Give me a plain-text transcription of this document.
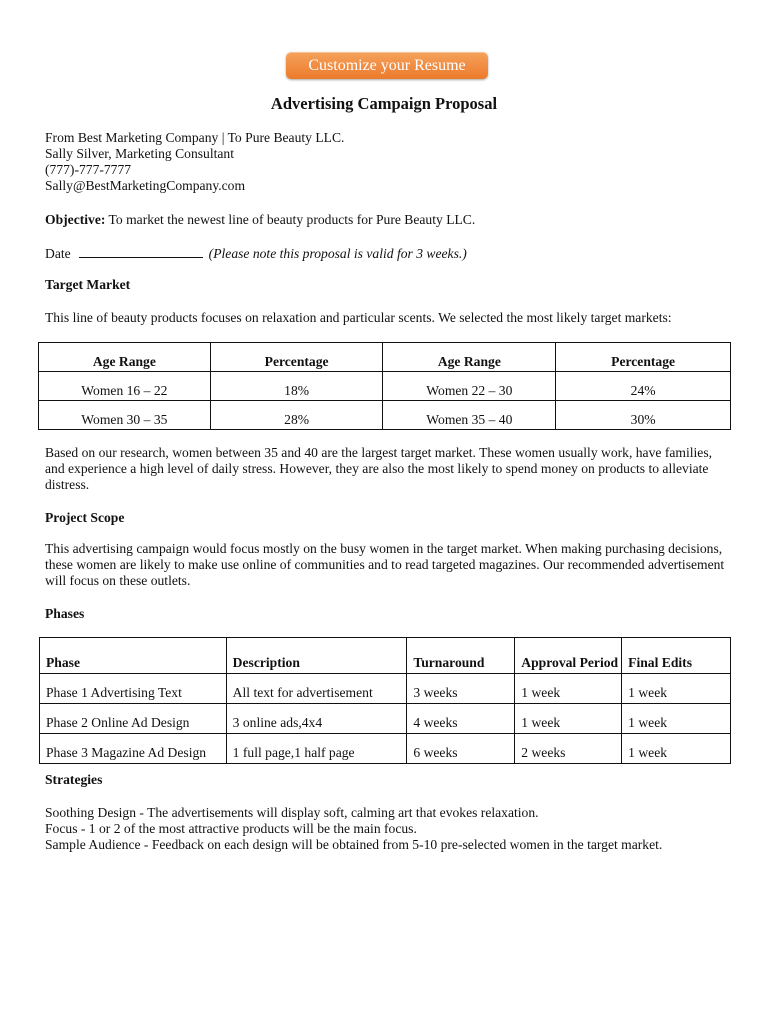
Customize your Resume
Advertising Campaign Proposal
From Best Marketing Company | To Pure Beauty LLC.
Sally Silver, Marketing Consultant
(777)-777-7777
Sally@BestMarketingCompany.com
Objective: To market the newest line of beauty products for Pure Beauty LLC.
Date	(Please note this proposal is valid for 3 weeks.)
Target Market
This line of beauty products focuses on relaxation and particular scents. We selected the most likely target markets:
Age Range	Percentage	Age Range	Percentage
Women 16 – 22	18%	Women 22 – 30	24%
Women 30 – 35	28%	Women 35 – 40	30%
Based on our research, women between 35 and 40 are the largest target market. These women usually work, have families, and experience a high level of daily stress. However, they are also the most likely to spend money on products to alleviate distress.
Project Scope
This advertising campaign would focus mostly on the busy women in the target market. When making purchasing decisions, these women are likely to make use online of communities and to read targeted magazines. Our recommended advertisement will focus on these outlets.
Phases
Phase	Description	Turnaround	Approval Period	Final Edits
Phase 1 Advertising Text	All text for advertisement	3 weeks	1 week	1 week
Phase 2 Online Ad Design	3 online ads,4x4	4 weeks	1 week	1 week
Phase 3 Magazine Ad Design	1 full page,1 half page	6 weeks	2 weeks	1 week
Strategies
Soothing Design - The advertisements will display soft, calming art that evokes relaxation.
Focus - 1 or 2 of the most attractive products will be the main focus.
Sample Audience - Feedback on each design will be obtained from 5-10 pre-selected women in the target market.
